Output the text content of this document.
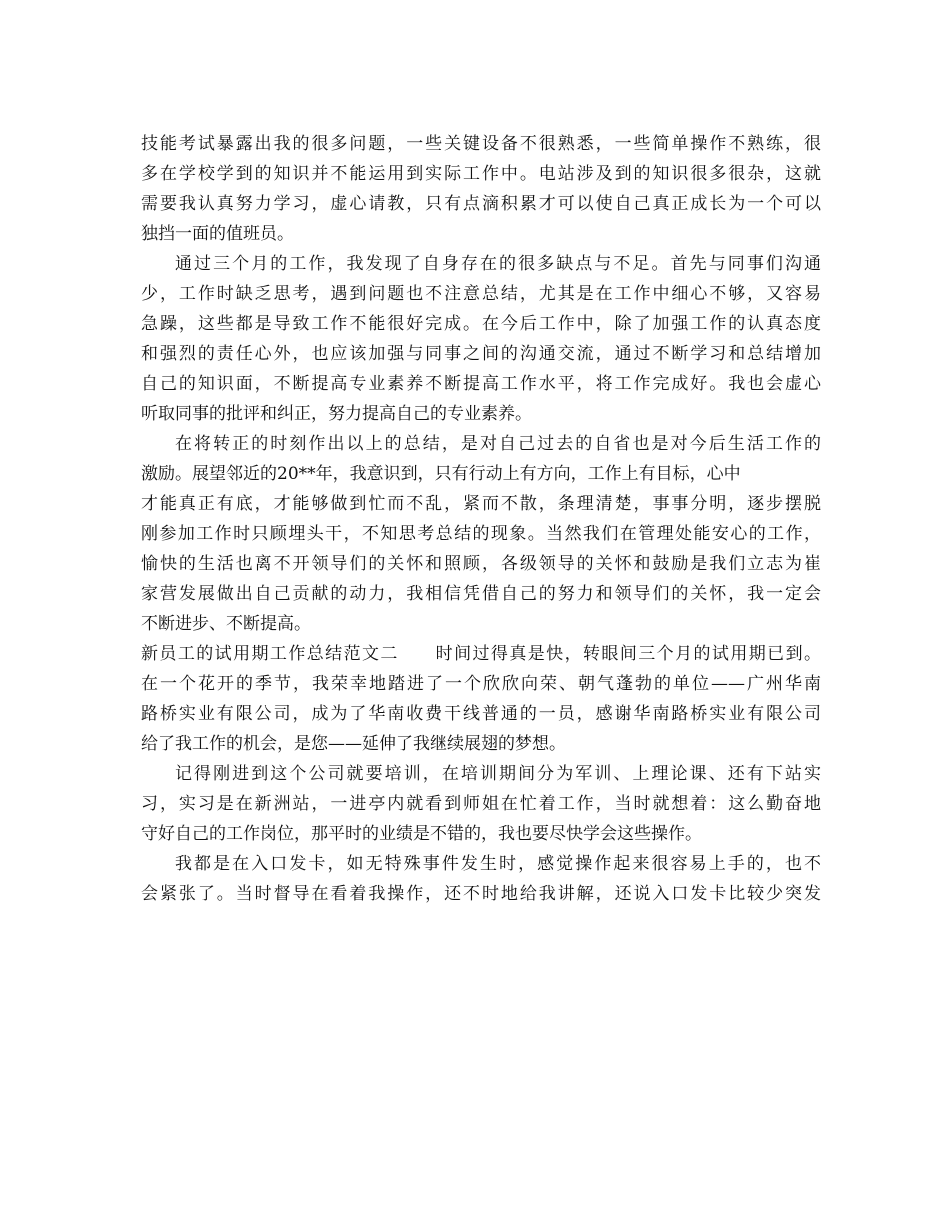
技能考试暴露出我的很多问题，一些关键设备不很熟悉，一些简单操作不熟练，很
多在学校学到的知识并不能运用到实际工作中。电站涉及到的知识很多很杂，这就
需要我认真努力学习，虚心请教，只有点滴积累才可以使自己真正成长为一个可以
独挡一面的值班员。
通过三个月的工作，我发现了自身存在的很多缺点与不足。首先与同事们沟通
少，工作时缺乏思考，遇到问题也不注意总结，尤其是在工作中细心不够，又容易
急躁，这些都是导致工作不能很好完成。在今后工作中，除了加强工作的认真态度
和强烈的责任心外，也应该加强与同事之间的沟通交流，通过不断学习和总结增加
自己的知识面，不断提高专业素养不断提高工作水平，将工作完成好。我也会虚心
听取同事的批评和纠正，努力提高自己的专业素养。
在将转正的时刻作出以上的总结，是对自己过去的自省也是对今后生活工作的
激励。展望邻近的20**年，我意识到，只有行动上有方向，工作上有目标，心中
才能真正有底，才能够做到忙而不乱，紧而不散，条理清楚，事事分明，逐步摆脱
刚参加工作时只顾埋头干，不知思考总结的现象。当然我们在管理处能安心的工作，
愉快的生活也离不开领导们的关怀和照顾，各级领导的关怀和鼓励是我们立志为崔
家营发展做出自己贡献的动力，我相信凭借自己的努力和领导们的关怀，我一定会
不断进步、不断提高。
新员工的试用期工作总结范文二　　时间过得真是快，转眼间三个月的试用期已到。
在一个花开的季节，我荣幸地踏进了一个欣欣向荣、朝气蓬勃的单位——广州华南
路桥实业有限公司，成为了华南收费干线普通的一员，感谢华南路桥实业有限公司
给了我工作的机会，是您——延伸了我继续展翅的梦想。
记得刚进到这个公司就要培训，在培训期间分为军训、上理论课、还有下站实
习，实习是在新洲站，一进亭内就看到师姐在忙着工作，当时就想着：这么勤奋地
守好自己的工作岗位，那平时的业绩是不错的，我也要尽快学会这些操作。
我都是在入口发卡，如无特殊事件发生时，感觉操作起来很容易上手的，也不
会紧张了。当时督导在看着我操作，还不时地给我讲解，还说入口发卡比较少突发
